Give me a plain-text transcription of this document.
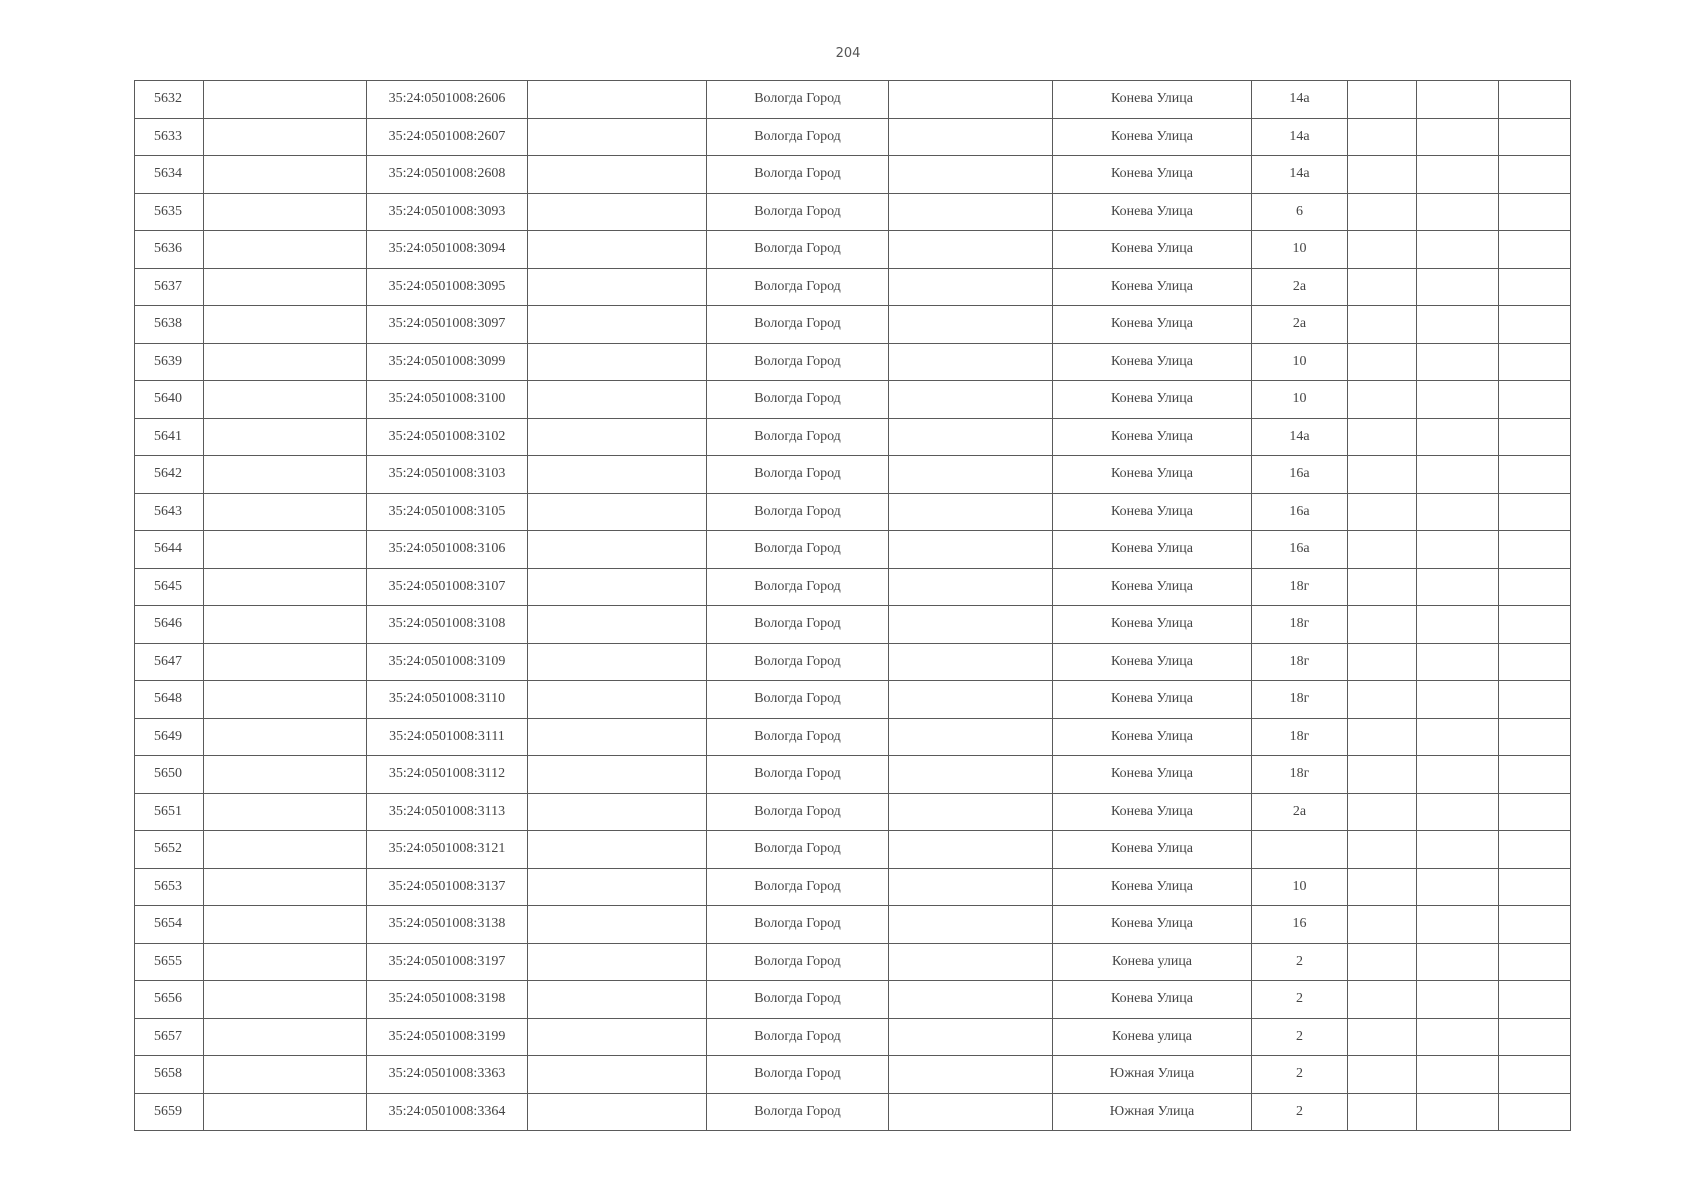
204
5632		35:24:0501008:2606		Вологда Город		Конева Улица	14а			
5633		35:24:0501008:2607		Вологда Город		Конева Улица	14а			
5634		35:24:0501008:2608		Вологда Город		Конева Улица	14а			
5635		35:24:0501008:3093		Вологда Город		Конева Улица	6			
5636		35:24:0501008:3094		Вологда Город		Конева Улица	10			
5637		35:24:0501008:3095		Вологда Город		Конева Улица	2а			
5638		35:24:0501008:3097		Вологда Город		Конева Улица	2а			
5639		35:24:0501008:3099		Вологда Город		Конева Улица	10			
5640		35:24:0501008:3100		Вологда Город		Конева Улица	10			
5641		35:24:0501008:3102		Вологда Город		Конева Улица	14а			
5642		35:24:0501008:3103		Вологда Город		Конева Улица	16а			
5643		35:24:0501008:3105		Вологда Город		Конева Улица	16а			
5644		35:24:0501008:3106		Вологда Город		Конева Улица	16а			
5645		35:24:0501008:3107		Вологда Город		Конева Улица	18г			
5646		35:24:0501008:3108		Вологда Город		Конева Улица	18г			
5647		35:24:0501008:3109		Вологда Город		Конева Улица	18г			
5648		35:24:0501008:3110		Вологда Город		Конева Улица	18г			
5649		35:24:0501008:3111		Вологда Город		Конева Улица	18г			
5650		35:24:0501008:3112		Вологда Город		Конева Улица	18г			
5651		35:24:0501008:3113		Вологда Город		Конева Улица	2а			
5652		35:24:0501008:3121		Вологда Город		Конева Улица				
5653		35:24:0501008:3137		Вологда Город		Конева Улица	10			
5654		35:24:0501008:3138		Вологда Город		Конева Улица	16			
5655		35:24:0501008:3197		Вологда Город		Конева улица	2			
5656		35:24:0501008:3198		Вологда Город		Конева Улица	2			
5657		35:24:0501008:3199		Вологда Город		Конева улица	2			
5658		35:24:0501008:3363		Вологда Город		Южная Улица	2			
5659		35:24:0501008:3364		Вологда Город		Южная Улица	2			
